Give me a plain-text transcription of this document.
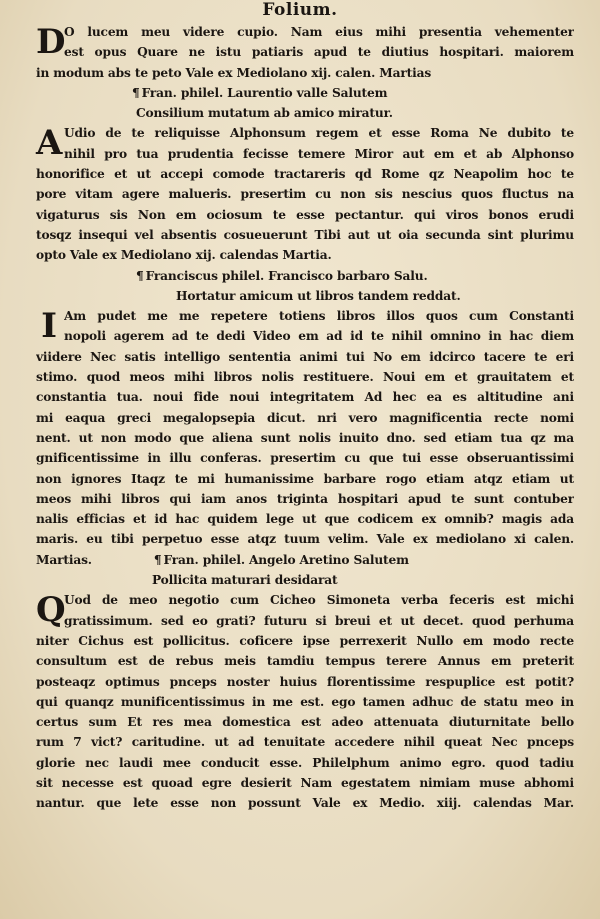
Folium.
D
O lucem meu videre cupio. Nam eius mihi presentia vehementer
est opus Quare ne istu patiaris apud te diutius hospitari. maiorem
in modum abs te peto Vale ex Mediolano xij. calen. Martias
¶ Fran. philel. Laurentio valle Salutem
Consilium mutatum ab amico miratur.
A Udio de te reliquisse Alphonsum regem et esse Roma Ne dubito te
nihil pro tua prudentia fecisse temere Miror aut em et ab Alphonso
honorifice et ut accepi comode tractareris qd Rome qz Neapolim hoc te
pore vitam agere malueris. presertim cu non sis nescius quos fluctus na
vigaturus sis Non em ociosum te esse pectantur. qui viros bonos erudi
tosqz insequi vel absentis cosueuerunt Tibi aut ut oia secunda sint plurimu
opto Vale ex Mediolano xij. calendas Martia.
¶ Franciscus philel. Francisco barbaro Salu.
Hortatur amicum ut libros tandem reddat.
I Am pudet me me repetere totiens libros illos quos cum Constanti
nopoli agerem ad te dedi Video em ad id te nihil omnino in hac diem
viidere Nec satis intelligo sententia animi tui No em idcirco tacere te eri
stimo. quod meos mihi libros nolis restituere. Noui em et grauitatem et
constantia tua. noui fide noui integritatem Ad hec ea es altitudine ani
mi eaqua greci megalopsepia dicut. nri vero magnificentia recte nomi
nent. ut non modo que aliena sunt nolis inuito dno. sed etiam tua qz ma
gnificentissime in illu conferas. presertim cu que tui esse obseruantissimi
non ignores Itaqz te mi humanissime barbare rogo etiam atqz etiam ut
meos mihi libros qui iam anos triginta hospitari apud te sunt contuber
nalis efficias et id hac quidem lege ut que codicem ex omnib? magis ada
maris. eu tibi perpetuo esse atqz tuum velim. Vale ex mediolano xi calen.
Martias.	¶ Fran. philel. Angelo Aretino Salutem
Pollicita maturari desidarat
Q
Uod de meo negotio cum Cicheo Simoneta verba feceris est michi
gratissimum. sed eo grati? futuru si breui et ut decet. quod perhuma
niter Cichus est pollicitus. coficere ipse perrexerit Nullo em modo recte
consultum est de rebus meis tamdiu tempus terere Annus em preterit
posteaqz optimus pnceps noster huius florentissime respuplice est potit?
qui quanqz munificentissimus in me est. ego tamen adhuc de statu meo in
certus sum Et res mea domestica est adeo attenuata diuturnitate bello
rum 7 vict? caritudine. ut ad tenuitate accedere nihil queat Nec pnceps
glorie nec laudi mee conducit esse. Philelphum animo egro. quod tadiu
sit necesse est quoad egre desierit Nam egestatem nimiam muse abhomi
nantur. que lete esse non possunt Vale ex Medio. xiij. calendas Mar.
